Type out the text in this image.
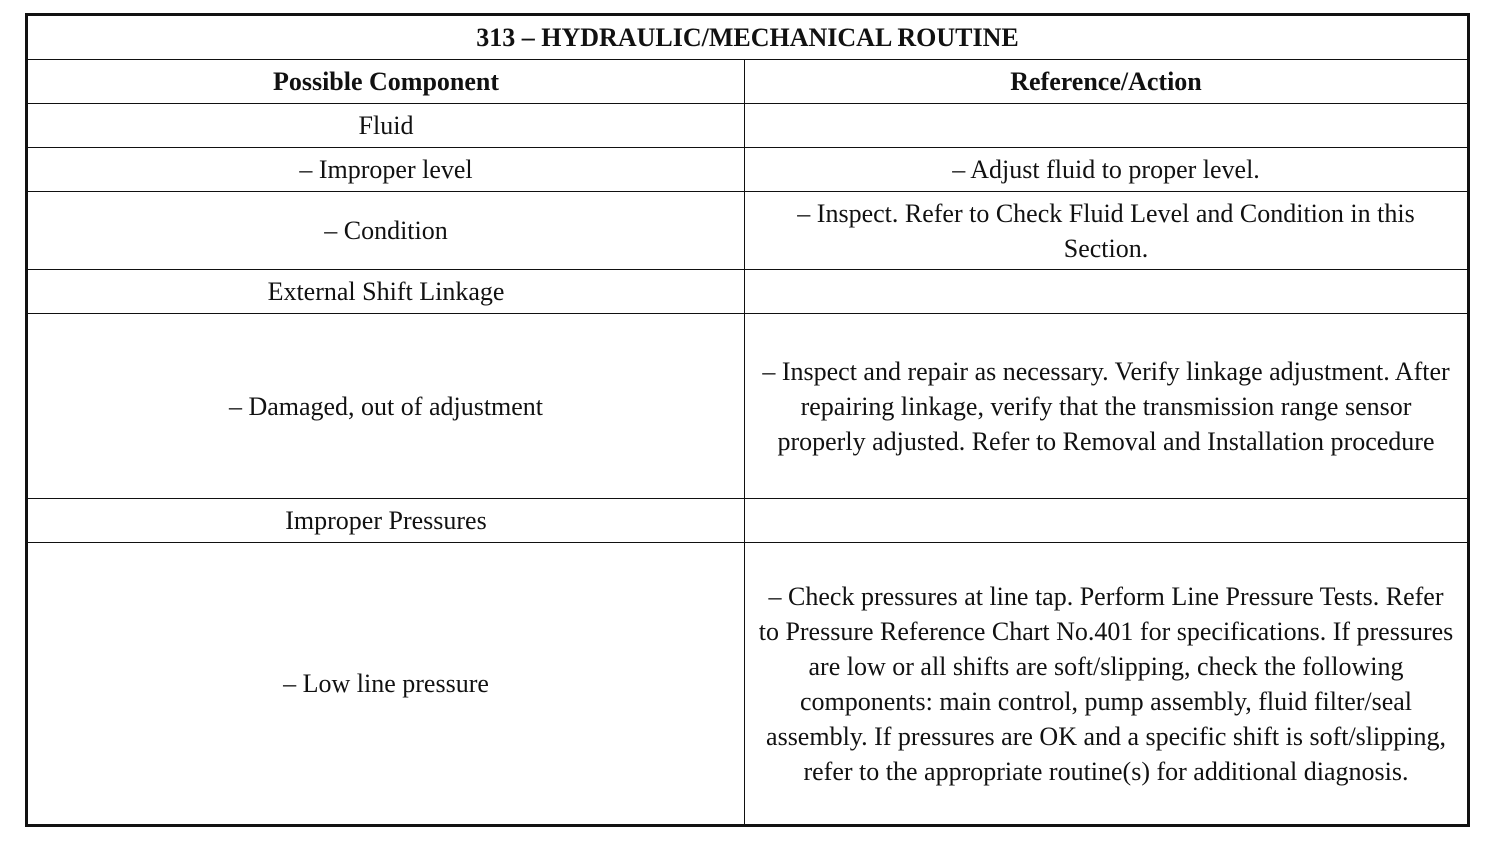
313 – HYDRAULIC/MECHANICAL ROUTINE	
Possible Component	Reference/Action
Fluid	
– Improper level	– Adjust fluid to proper level.
– Condition	– Inspect. Refer to Check Fluid Level and Condition in this Section.
External Shift Linkage	
– Damaged, out of adjustment	– Inspect and repair as necessary. Verify linkage adjustment. After repairing linkage, verify that the transmission range sensor properly adjusted. Refer to Removal and Installation procedure
Improper Pressures	
– Low line pressure	– Check pressures at line tap. Perform Line Pressure Tests. Refer to Pressure Reference Chart No.401 for specifications. If pressures are low or all shifts are soft/slipping, check the following components: main control, pump assembly, fluid filter/seal assembly. If pressures are OK and a specific shift is soft/slipping, refer to the appropriate routine(s) for additional diagnosis.
